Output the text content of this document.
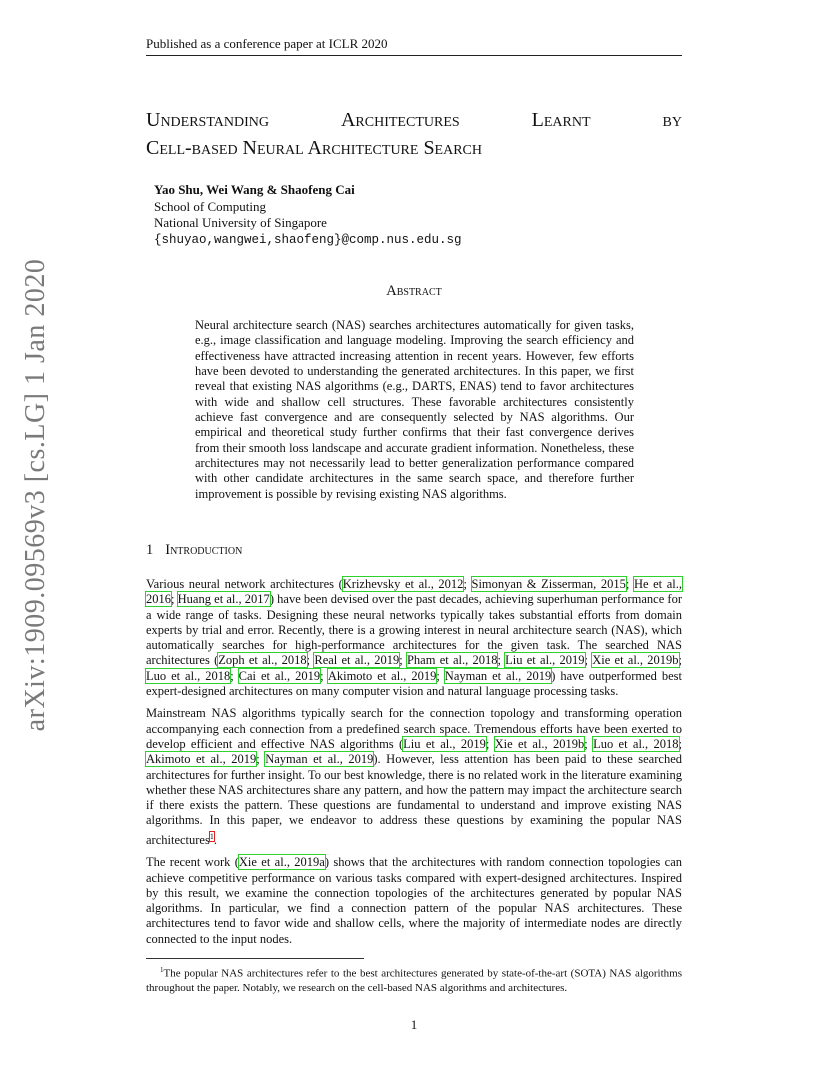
Published as a conference paper at ICLR 2020
arXiv:1909.09569v3 [cs.LG] 1 Jan 2020
Understanding	Architectures	Learnt	by
Cell-based Neural Architecture Search
Yao Shu, Wei Wang & Shaofeng Cai
School of Computing
National University of Singapore
{shuyao,wangwei,shaofeng}@comp.nus.edu.sg
Abstract
Neural architecture search (NAS) searches architectures automatically for given tasks, e.g., image classification and language modeling. Improving the search efficiency and effectiveness have attracted increasing attention in recent years. However, few efforts have been devoted to understanding the generated architectures. In this paper, we first reveal that existing NAS algorithms (e.g., DARTS, ENAS) tend to favor architectures with wide and shallow cell structures. These favorable architectures consistently achieve fast convergence and are consequently selected by NAS algorithms. Our empirical and theoretical study further confirms that their fast convergence derives from their smooth loss landscape and accurate gradient information. Nonetheless, these architectures may not necessarily lead to better generalization performance compared with other candidate architectures in the same search space, and therefore further improvement is possible by revising existing NAS algorithms.
1 Introduction

Various neural network architectures (Krizhevsky et al., 2012; Simonyan & Zisserman, 2015; He et al., 2016; Huang et al., 2017) have been devised over the past decades, achieving superhuman performance for a wide range of tasks. Designing these neural networks typically takes substantial efforts from domain experts by trial and error. Recently, there is a growing interest in neural architecture search (NAS), which automatically searches for high-performance architectures for the given task. The searched NAS architectures (Zoph et al., 2018; Real et al., 2019; Pham et al., 2018; Liu et al., 2019; Xie et al., 2019b; Luo et al., 2018; Cai et al., 2019; Akimoto et al., 2019; Nayman et al., 2019) have outperformed best expert-designed architectures on many computer vision and natural language processing tasks.

Mainstream NAS algorithms typically search for the connection topology and transforming operation accompanying each connection from a predefined search space. Tremendous efforts have been exerted to develop efficient and effective NAS algorithms (Liu et al., 2019; Xie et al., 2019b; Luo et al., 2018; Akimoto et al., 2019; Nayman et al., 2019). However, less attention has been paid to these searched architectures for further insight. To our best knowledge, there is no related work in the literature examining whether these NAS architectures share any pattern, and how the pattern may impact the architecture search if there exists the pattern. These questions are fundamental to understand and improve existing NAS algorithms. In this paper, we endeavor to address these questions by examining the popular NAS architectures$^1$.

The recent work (Xie et al., 2019a) shows that the architectures with random connection topologies can achieve competitive performance on various tasks compared with expert-designed architectures. Inspired by this result, we examine the connection topologies of the architectures generated by popular NAS algorithms. In particular, we find a connection pattern of the popular NAS architectures. These architectures tend to favor wide and shallow cells, where the majority of intermediate nodes are directly connected to the input nodes.

$^1$The popular NAS architectures refer to the best architectures generated by state-of-the-art (SOTA) NAS algorithms throughout the paper. Notably, we research on the cell-based NAS algorithms and architectures.
1
